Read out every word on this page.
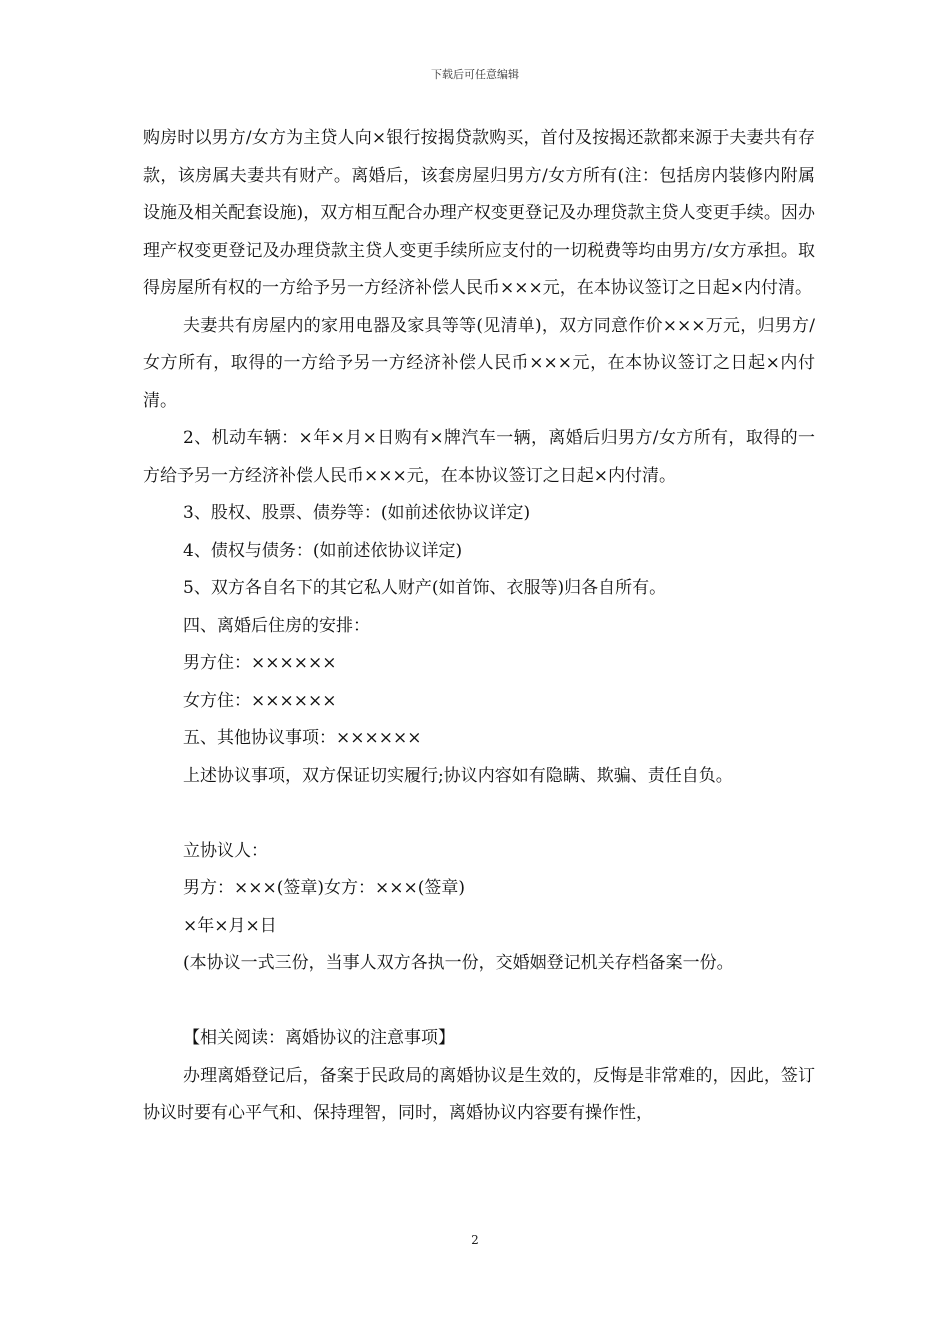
下载后可任意编辑

购房时以男方/女方为主贷人向×银行按揭贷款购买，首付及按揭还款都来源于夫妻共有存款，该房属夫妻共有财产。离婚后，该套房屋归男方/女方所有(注：包括房内装修内附属设施及相关配套设施)，双方相互配合办理产权变更登记及办理贷款主贷人变更手续。因办理产权变更登记及办理贷款主贷人变更手续所应支付的一切税费等均由男方/女方承担。取得房屋所有权的一方给予另一方经济补偿人民币×××元，在本协议签订之日起×内付清。

夫妻共有房屋内的家用电器及家具等等(见清单)，双方同意作价×××万元，归男方/女方所有，取得的一方给予另一方经济补偿人民币×××元，在本协议签订之日起×内付清。

2、机动车辆：×年×月×日购有×牌汽车一辆，离婚后归男方/女方所有，取得的一方给予另一方经济补偿人民币×××元，在本协议签订之日起×内付清。

3、股权、股票、债券等：(如前述依协议详定)

4、债权与债务：(如前述依协议详定)

5、双方各自名下的其它私人财产(如首饰、衣服等)归各自所有。

四、离婚后住房的安排：

男方住：××××××

女方住：××××××

五、其他协议事项：××××××

上述协议事项，双方保证切实履行;协议内容如有隐瞒、欺骗、责任自负。

立协议人：

男方：×××(签章)女方：×××(签章)

×年×月×日

(本协议一式三份，当事人双方各执一份，交婚姻登记机关存档备案一份。

【相关阅读：离婚协议的注意事项】

办理离婚登记后，备案于民政局的离婚协议是生效的，反悔是非常难的，因此，签订协议时要有心平气和、保持理智，同时，离婚协议内容要有操作性，

2
